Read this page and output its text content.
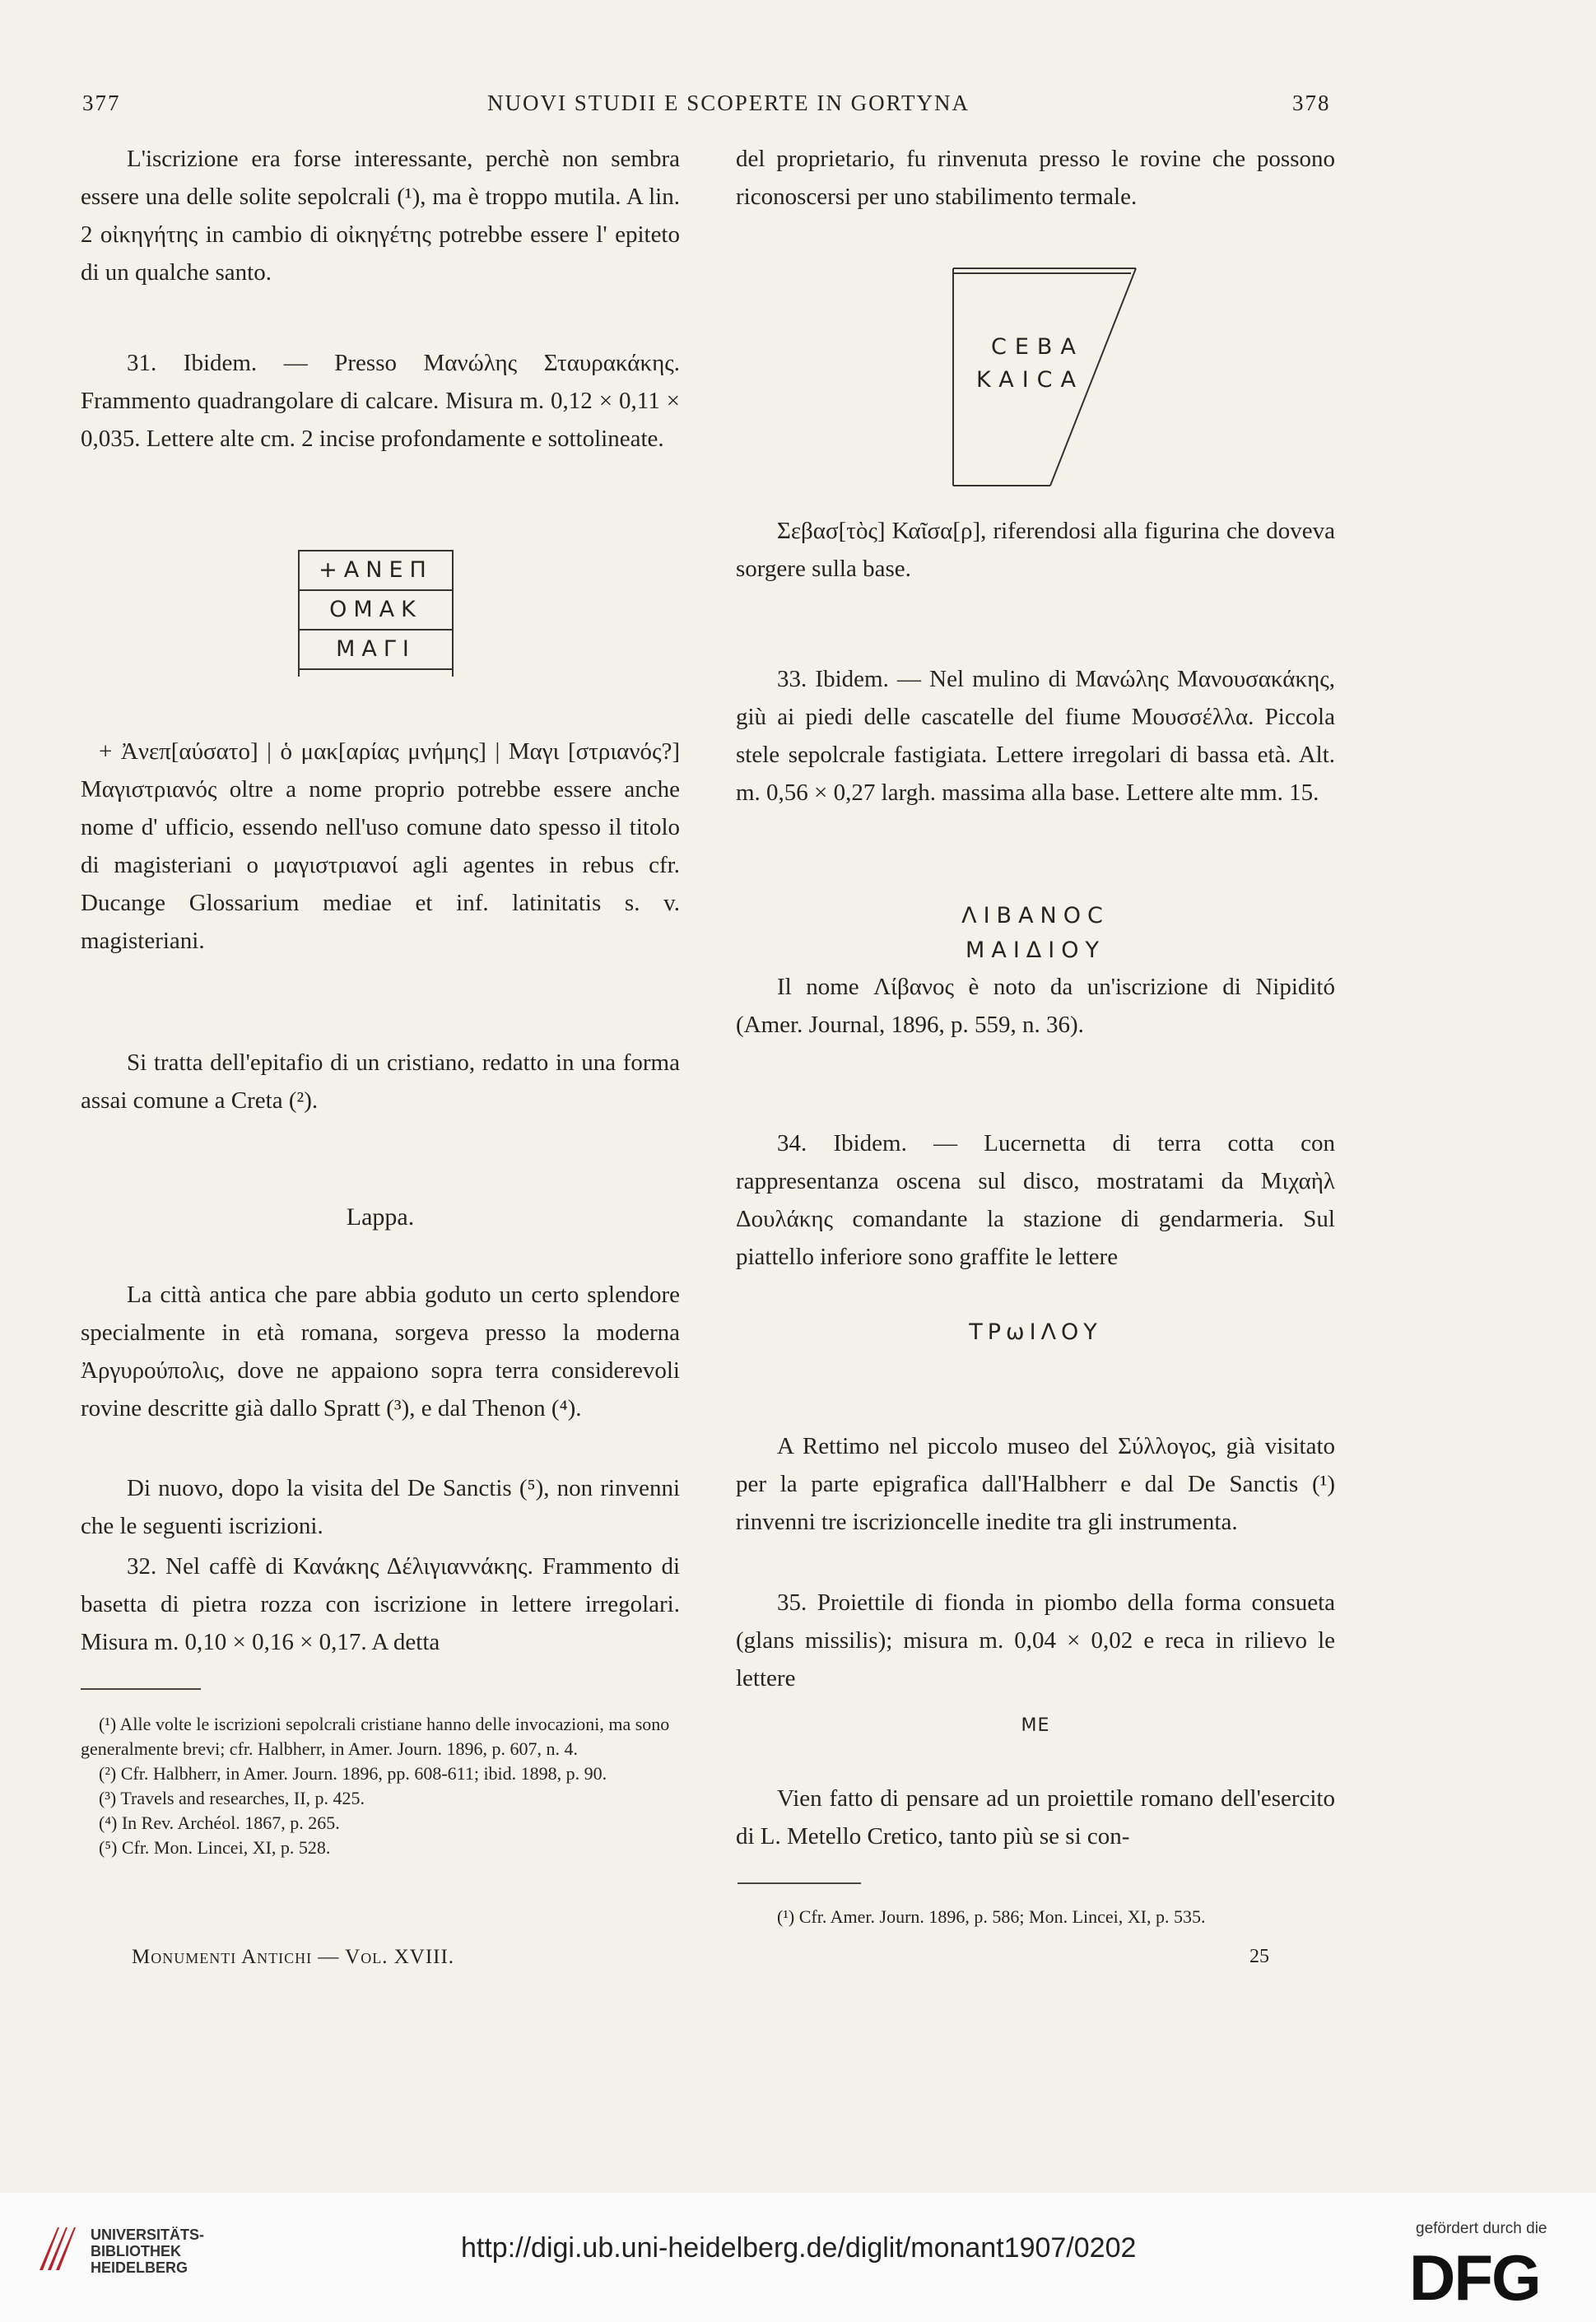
377	NUOVI STUDII E SCOPERTE IN GORTYNA	378

L'iscrizione era forse interessante, perchè non sembra essere una delle solite sepolcrali (¹), ma è troppo mutila. A lin. 2 οἰκηγήτης in cambio di οἰκηγέτης potrebbe essere l' epiteto di un qualche santo.

31. Ibidem. — Presso Μανώλης Σταυρακάκης. Frammento quadrangolare di calcare. Misura m. 0,12 × 0,11 × 0,035. Lettere alte cm. 2 incise profondamente e sottolineate.

+ΑΝΕΠ
ΟΜΑΚ
ΜΑΓΙ

+ Ἀνεπ[αύσατο] | ὁ μακ[αρίας μνήμης] | Μαγι [στριανός?] Μαγιστριανός oltre a nome proprio potrebbe essere anche nome d' ufficio, essendo nell'uso comune dato spesso il titolo di magisteriani o μαγιστριανοί agli agentes in rebus cfr. Ducange Glossarium mediae et inf. latinitatis s. v. magisteriani.

Si tratta dell'epitafio di un cristiano, redatto in una forma assai comune a Creta (²).

Lappa.

La città antica che pare abbia goduto un certo splendore specialmente in età romana, sorgeva presso la moderna Ἀργυρούπολις, dove ne appaiono sopra terra considerevoli rovine descritte già dallo Spratt (³), e dal Thenon (⁴).

Di nuovo, dopo la visita del De Sanctis (⁵), non rinvenni che le seguenti iscrizioni.

32. Nel caffè di Κανάκης Δέλιγιαννάκης. Frammento di basetta di pietra rozza con iscrizione in lettere irregolari. Misura m. 0,10 × 0,16 × 0,17. A detta

(¹) Alle volte le iscrizioni sepolcrali cristiane hanno delle invocazioni, ma sono generalmente brevi; cfr. Halbherr, in Amer. Journ. 1896, p. 607, n. 4.

(²) Cfr. Halbherr, in Amer. Journ. 1896, pp. 608-611; ibid. 1898, p. 90.

(³) Travels and researches, II, p. 425.

(⁴) In Rev. Archéol. 1867, p. 265.

(⁵) Cfr. Mon. Lincei, XI, p. 528.

Monumenti Antichi — Vol. XVIII.

del proprietario, fu rinvenuta presso le rovine che possono riconoscersi per uno stabilimento termale.

CEBA
KAICA

Σεβασ[τὸς] Καῖσα[ρ], riferendosi alla figurina che doveva sorgere sulla base.

33. Ibidem. — Nel mulino di Μανώλης Μανουσακάκης, giù ai piedi delle cascatelle del fiume Μουσσέλλα. Piccola stele sepolcrale fastigiata. Lettere irregolari di bassa età. Alt. m. 0,56 × 0,27 largh. massima alla base. Lettere alte mm. 15.

ΛΙΒΑΝΟC
ΜΑΙΔΙΟΥ

Il nome Λίβανος è noto da un'iscrizione di Nipiditó (Amer. Journal, 1896, p. 559, n. 36).

34. Ibidem. — Lucernetta di terra cotta con rappresentanza oscena sul disco, mostratami da Μιχαὴλ Δουλάκης comandante la stazione di gendarmeria. Sul piattello inferiore sono graffite le lettere

ΤΡωΙΛΟΥ

A Rettimo nel piccolo museo del Σύλλογος, già visitato per la parte epigrafica dall'Halbherr e dal De Sanctis (¹) rinvenni tre iscrizioncelle inedite tra gli instrumenta.

35. Proiettile di fionda in piombo della forma consueta (glans missilis); misura m. 0,04 × 0,02 e reca in rilievo le lettere

ΜΕ

Vien fatto di pensare ad un proiettile romano dell'esercito di L. Metello Cretico, tanto più se si con-

(¹) Cfr. Amer. Journ. 1896, p. 586; Mon. Lincei, XI, p. 535.

25
UNIVERSITÄTS-
BIBLIOTHEK
HEIDELBERG
http://digi.ub.uni-heidelberg.de/diglit/monant1907/0202
gefördert durch die
DFG
